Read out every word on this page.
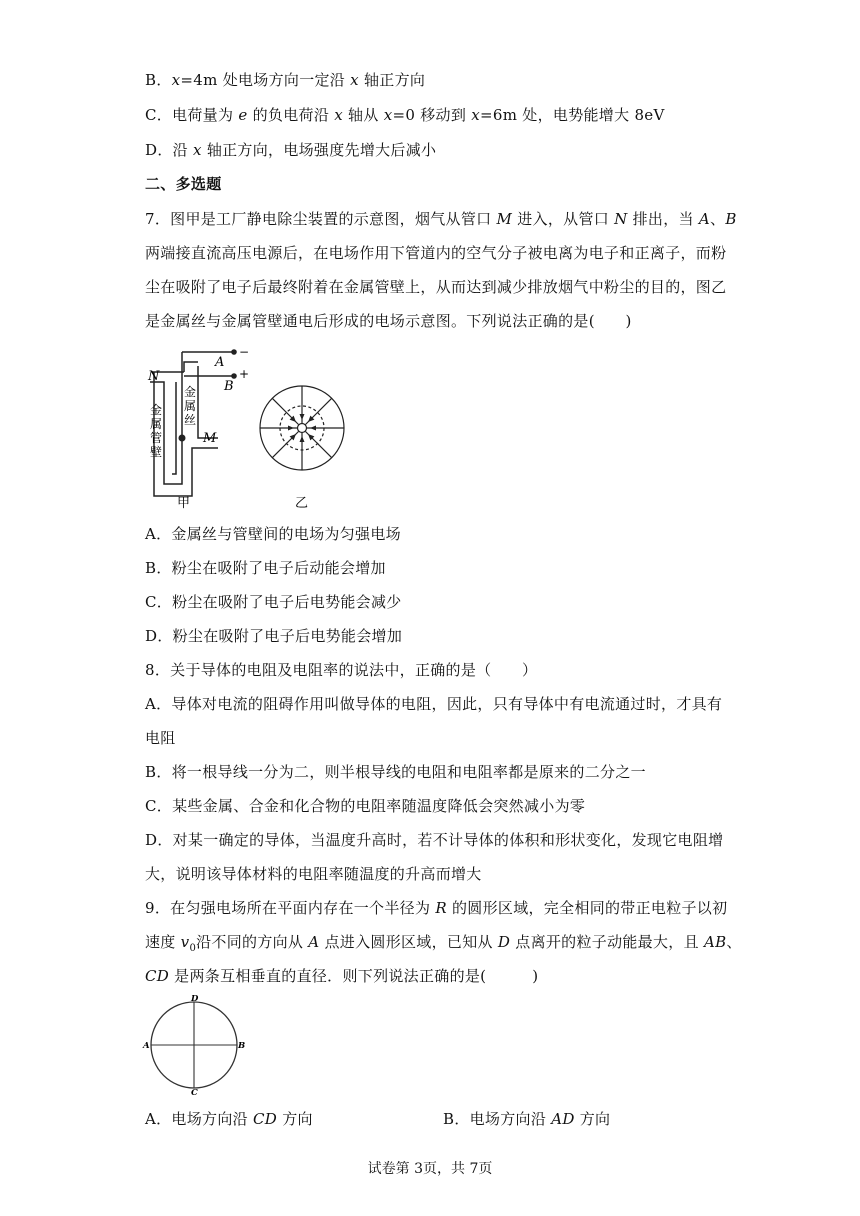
B．x=4m 处电场方向一定沿 x 轴正方向
C．电荷量为 e 的负电荷沿 x 轴从 x=0 移动到 x=6m 处，电势能增大 8eV
D．沿 x 轴正方向，电场强度先增大后减小
二、多选题
7．图甲是工厂静电除尘装置的示意图，烟气从管口 M 进入，从管口 N 排出，当 A、B
两端接直流高压电源后，在电场作用下管道内的空气分子被电离为电子和正离子，而粉
尘在吸附了电子后最终附着在金属管壁上，从而达到减少排放烟气中粉尘的目的，图乙
是金属丝与金属管壁通电后形成的电场示意图。下列说法正确的是(　　)
N
A
B
−
+
M
金
属
丝
金
属
管
壁
甲	乙
A．金属丝与管壁间的电场为匀强电场
B．粉尘在吸附了电子后动能会增加
C．粉尘在吸附了电子后电势能会减少
D．粉尘在吸附了电子后电势能会增加
8．关于导体的电阻及电阻率的说法中，正确的是（　　）
A．导体对电流的阻碍作用叫做导体的电阻，因此，只有导体中有电流通过时，才具有
电阻
B．将一根导线一分为二，则半根导线的电阻和电阻率都是原来的二分之一
C．某些金属、合金和化合物的电阻率随温度降低会突然减小为零
D．对某一确定的导体，当温度升高时，若不计导体的体积和形状变化，发现它电阻增
大，说明该导体材料的电阻率随温度的升高而增大
9．在匀强电场所在平面内存在一个半径为 R 的圆形区域，完全相同的带正电粒子以初
速度 $v_0$沿不同的方向从 A 点进入圆形区域，已知从 D 点离开的粒子动能最大，且 AB、
CD 是两条互相垂直的直径．则下列说法正确的是(　　　)
D
C
A	B
A．电场方向沿 CD 方向	B．电场方向沿 AD 方向
试卷第 3页，共 7页
